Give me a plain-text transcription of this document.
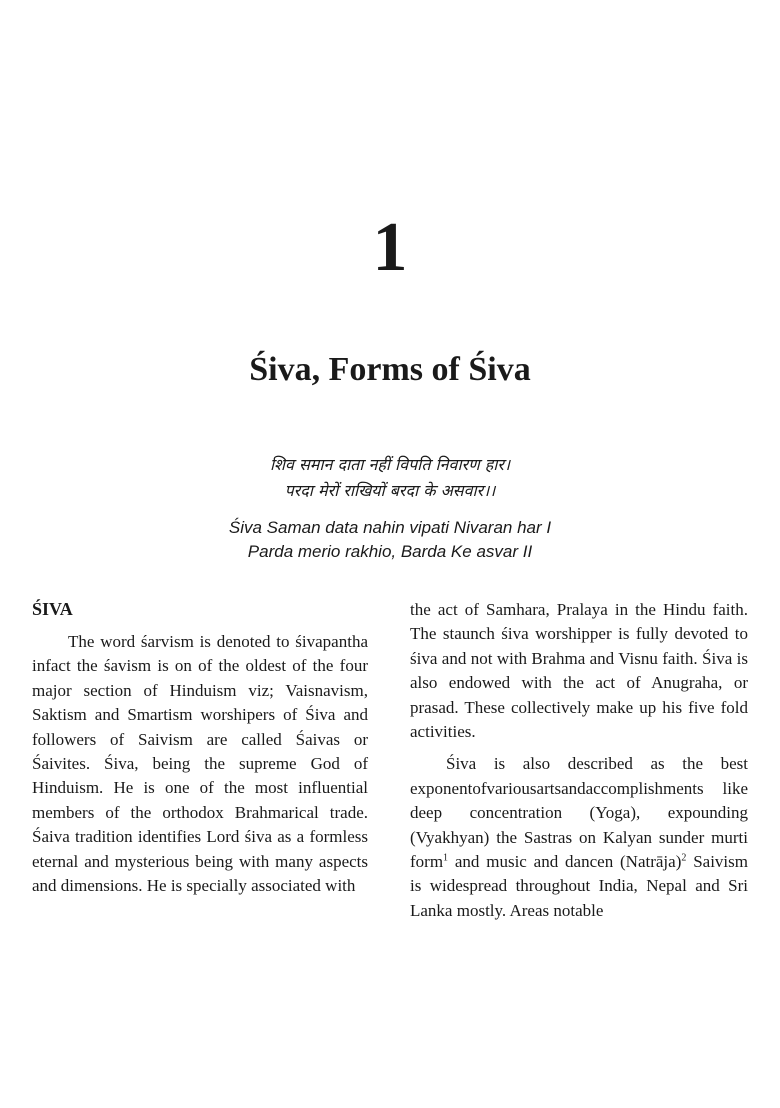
1
Śiva, Forms of Śiva
शिव समान दाता नहीं विपति निवारण हार।
परदा मेरों राखियों बरदा के असवार।।
Śiva Saman data nahin vipati Nivaran har I
Parda merio rakhio, Barda Ke asvar II
ŚIVA

The word śarvism is denoted to śivapantha infact the śavism is on of the oldest of the four major section of Hinduism viz; Vaisnavism, Saktism and Smartism worshipers of Śiva and followers of Saivism are called Śaivas or Śaivites. Śiva, being the supreme God of Hinduism. He is one of the most influential members of the orthodox Brahmarical trade. Śaiva tradition identifies Lord śiva as a formless eternal and mysterious being with many aspects and dimensions. He is specially associated with

the act of Samhara, Pralaya in the Hindu faith. The staunch śiva worshipper is fully devoted to śiva and not with Brahma and Visnu faith. Śiva is also endowed with the act of Anugraha, or prasad. These collectively make up his five fold activities.

Śiva is also described as the best exponentofvariousartsandaccomplishments like deep concentration (Yoga), expounding (Vyakhyan) the Sastras on Kalyan sunder murti form$^1$ and music and dancen (Natrāja)$^2$ Saivism is widespread throughout India, Nepal and Sri Lanka mostly. Areas notable
